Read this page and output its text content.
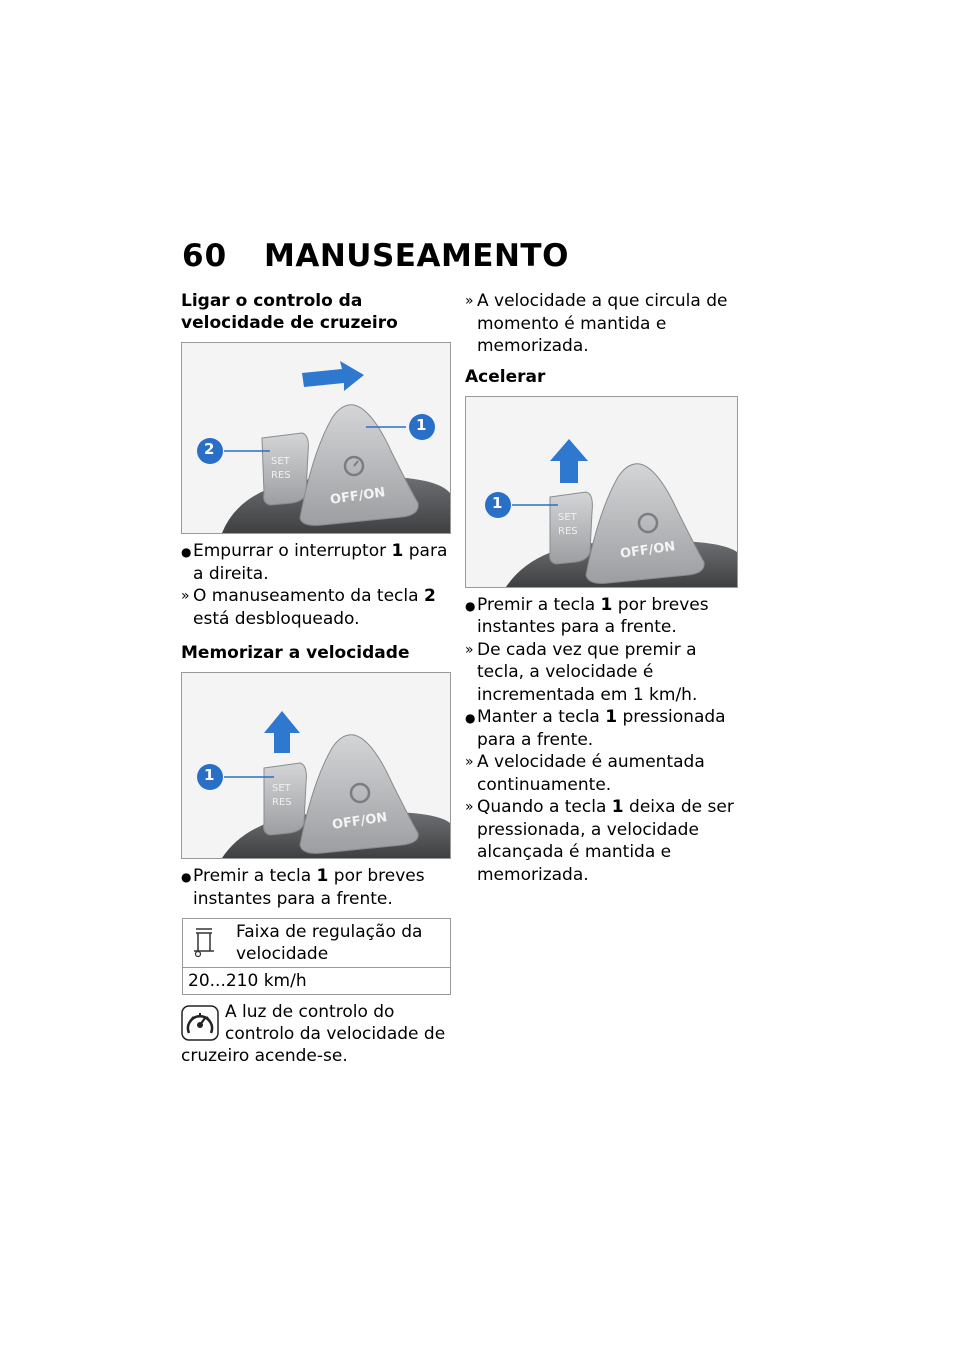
60	MANUSEAMENTO
Ligar o controlo da velocidade de cruzeiro
1
2
SET
RES
OFF/ON
● Empurrar o interruptor 1 para a direita.
» O manuseamento da tecla 2 está desbloqueado.
Memorizar a velocidade
1
SET
RES
OFF/ON
● Premir a tecla 1 por breves instantes para a frente.
	Faixa de regulação da velocidade
20...210 km/h
A luz de controlo do controlo da velocidade de cruzeiro acende-se.
» A velocidade a que circula de momento é mantida e memorizada.
Acelerar
1
SET
RES
OFF/ON
● Premir a tecla 1 por breves instantes para a frente.
» De cada vez que premir a tecla, a velocidade é incrementada em 1 km/h.
● Manter a tecla 1 pressionada para a frente.
» A velocidade é aumentada continuamente.
» Quando a tecla 1 deixa de ser pressionada, a velocidade alcançada é mantida e memorizada.
